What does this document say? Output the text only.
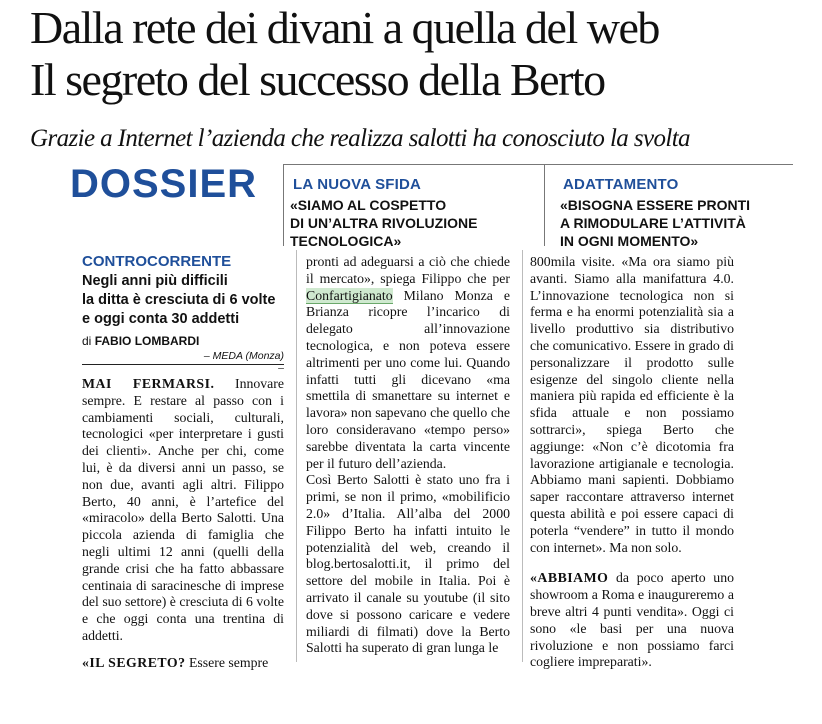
Dalla rete dei divani a quella del web
Il segreto del successo della Berto
Grazie a Internet l’azienda che realizza salotti ha conosciuto la svolta
DOSSIER LA NUOVA SFIDA
«SIAMO AL COSPETTO
DI UN’ALTRA RIVOLUZIONE
TECNOLOGICA»
ADATTAMENTO
«BISOGNA ESSERE PRONTI
A RIMODULARE L’ATTIVITÀ
IN OGNI MOMENTO»
CONTROCORRENTE
Negli anni più difficili
la ditta è cresciuta di 6 volte
e oggi conta 30 addetti
di FABIO LOMBARDI
– MEDA (Monza) –

MAI FERMARSI. Innovare sempre. E restare al passo con i cambiamenti sociali, culturali, tecnologici «per interpretare i gusti dei clienti». Anche per chi, come lui, è da diversi anni un passo, se non due, avanti agli altri. Filippo Berto, 40 anni, è l’artefice del «miracolo» della Berto Salotti. Una piccola azienda di famiglia che negli ultimi 12 anni (quelli della grande crisi che ha fatto abbassare centinaia di saracinesche di imprese del suo settore) è cresciuta di 6 volte e che oggi conta una trentina di addetti.

«IL SEGRETO? Essere sempre

pronti ad adeguarsi a ciò che chiede il mercato», spiega Filippo che per Confartigianato Milano Monza e Brianza ricopre l’incarico di delegato all’innovazione tecnologica, e non poteva essere altrimenti per uno come lui. Quando infatti tutti gli dicevano «ma smettila di smanettare su internet e lavora» non sapevano che quello che loro consideravano «tempo perso» sarebbe diventata la carta vincente per il futuro dell’azienda.

Così Berto Salotti è stato uno fra i primi, se non il primo, «mobilificio 2.0» d’Italia. All’alba del 2000 Filippo Berto ha infatti intuito le potenzialità del web, creando il blog.bertosalotti.it, il primo del settore del mobile in Italia. Poi è arrivato il canale su youtube (il sito dove si possono caricare e vedere miliardi di filmati) dove la Berto Salotti ha superato di gran lunga le

800mila visite. «Ma ora siamo più avanti. Siamo alla manifattura 4.0. L’innovazione tecnologica non si ferma e ha enormi potenzialità sia a livello produttivo sia distributivo che comunicativo. Essere in grado di personalizzare il prodotto sulle esigenze del singolo cliente nella maniera più rapida ed efficiente è la sfida attuale e non possiamo sottrarci», spiega Berto che aggiunge: «Non c’è dicotomia fra lavorazione artigianale e tecnologia. Abbiamo mani sapienti. Dobbiamo saper raccontare attraverso internet questa abilità e poi essere capaci di poterla “vendere” in tutto il mondo con internet». Ma non solo.

«ABBIAMO da poco aperto uno showroom a Roma e inaugureremo a breve altri 4 punti vendita». Oggi ci sono «le basi per una nuova rivoluzione e non possiamo farci cogliere impreparati».
